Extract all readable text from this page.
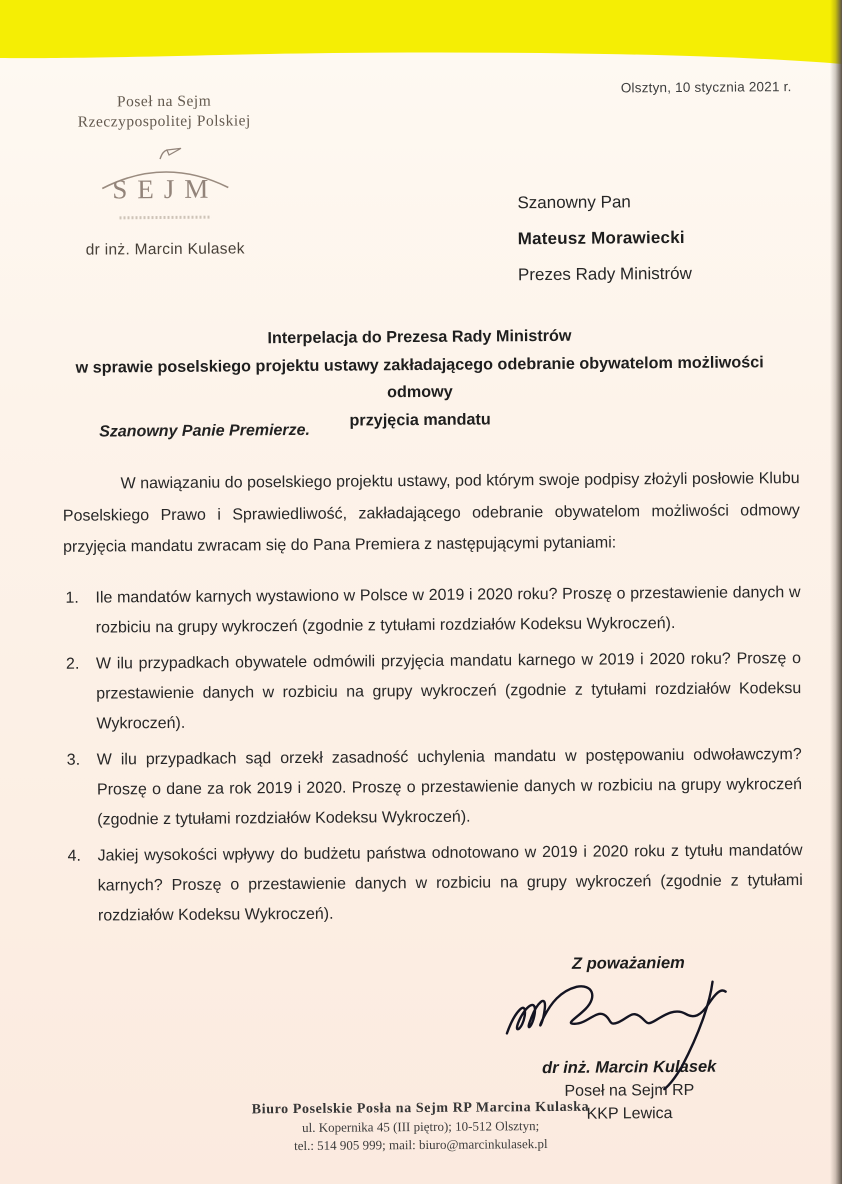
Poseł na Sejm
Rzeczypospolitej Polskiej
SEJM
dr inż. Marcin Kulasek
Olsztyn, 10 stycznia 2021 r.
Szanowny Pan
Mateusz Morawiecki
Prezes Rady Ministrów
Interpelacja do Prezesa Rady Ministrów
w sprawie poselskiego projektu ustawy zakładającego odebranie obywatelom możliwości odmowy
przyjęcia mandatu
Szanowny Panie Premierze.

W nawiązaniu do poselskiego projektu ustawy, pod którym swoje podpisy złożyli posłowie Klubu Poselskiego Prawo i Sprawiedliwość, zakładającego odebranie obywatelom możliwości odmowy przyjęcia mandatu zwracam się do Pana Premiera z następującymi pytaniami:

1. Ile mandatów karnych wystawiono w Polsce w 2019 i 2020 roku? Proszę o przestawienie danych w rozbiciu na grupy wykroczeń (zgodnie z tytułami rozdziałów Kodeksu Wykroczeń).
2. W ilu przypadkach obywatele odmówili przyjęcia mandatu karnego w 2019 i 2020 roku? Proszę o przestawienie danych w rozbiciu na grupy wykroczeń (zgodnie z tytułami rozdziałów Kodeksu Wykroczeń).
3. W ilu przypadkach sąd orzekł zasadność uchylenia mandatu w postępowaniu odwoławczym? Proszę o dane za rok 2019 i 2020. Proszę o przestawienie danych w rozbiciu na grupy wykroczeń (zgodnie z tytułami rozdziałów Kodeksu Wykroczeń).
4. Jakiej wysokości wpływy do budżetu państwa odnotowano w 2019 i 2020 roku z tytułu mandatów karnych? Proszę o przestawienie danych w rozbiciu na grupy wykroczeń (zgodnie z tytułami rozdziałów Kodeksu Wykroczeń).
Z poważaniem
dr inż. Marcin Kulasek
Poseł na Sejm RP
KKP Lewica
Biuro Poselskie Posła na Sejm RP Marcina Kulaska
ul. Kopernika 45 (III piętro); 10-512 Olsztyn;
tel.: 514 905 999; mail: biuro@marcinkulasek.pl
